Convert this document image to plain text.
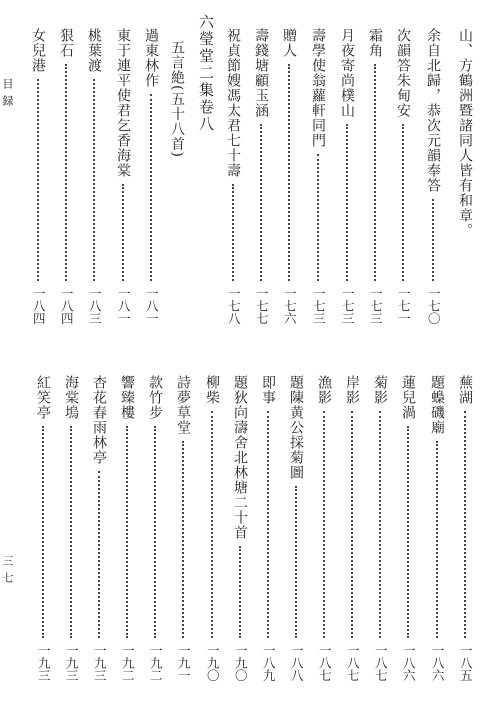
山、方鶴洲暨諸同人皆有和章。
余自北歸，恭次元韻奉答
一七〇
次韻答朱甸安
一七一
霜角
一七三
月夜寄尚樸山
一七三
壽學使翁蘿軒同門
一七三
贈人
一七六
壽錢塘顧玉涵
一七七
祝貞節嫂馮太君七十壽
一七八
六瑩堂二集卷八
五言絶(五十八首)
過東林作
一八一
東于連平使君乞香海棠
一八一
桃葉渡
一八三
狠石
一八四
女兒港
一八四
目録
蕪湖
一八五
題蟂磯廟
一八六
蓮兒渦
一八六
菊影
一八七
岸影
一八七
漁影
一八七
題陳黄公採菊圖
一八八
即事
一八九
題狄向濤舍北林塘二十首
一九〇
柳柴
一九〇
詩夢草堂
一九一
款竹步
一九二
響臻樓
一九二
杏花春雨林亭
一九三
海棠塢
一九三
紅笑亭
一九三
三七
